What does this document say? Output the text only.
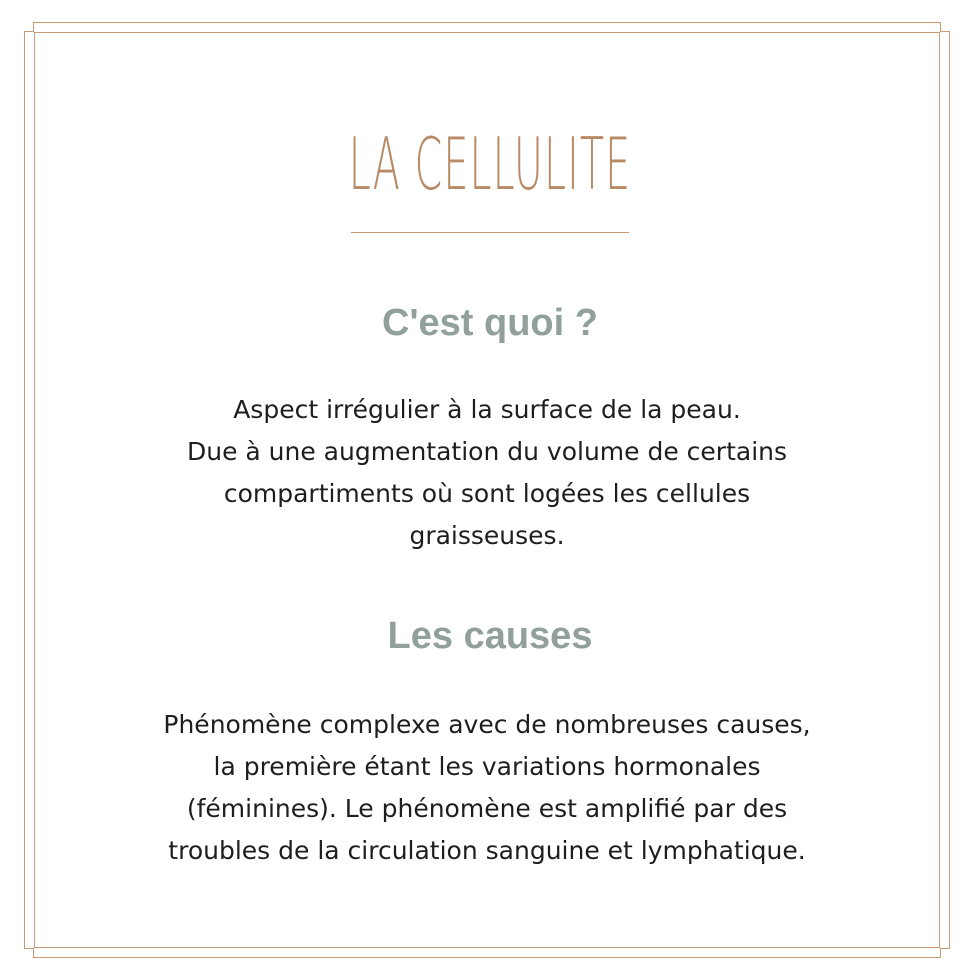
LA CELLULITE
C'est quoi ?
Aspect irrégulier à la surface de la peau.
Due à une augmentation du volume de certains
compartiments où sont logées les cellules
graisseuses.
Les causes
Phénomène complexe avec de nombreuses causes,
la première étant les variations hormonales
(féminines). Le phénomène est amplifié par des
troubles de la circulation sanguine et lymphatique.
